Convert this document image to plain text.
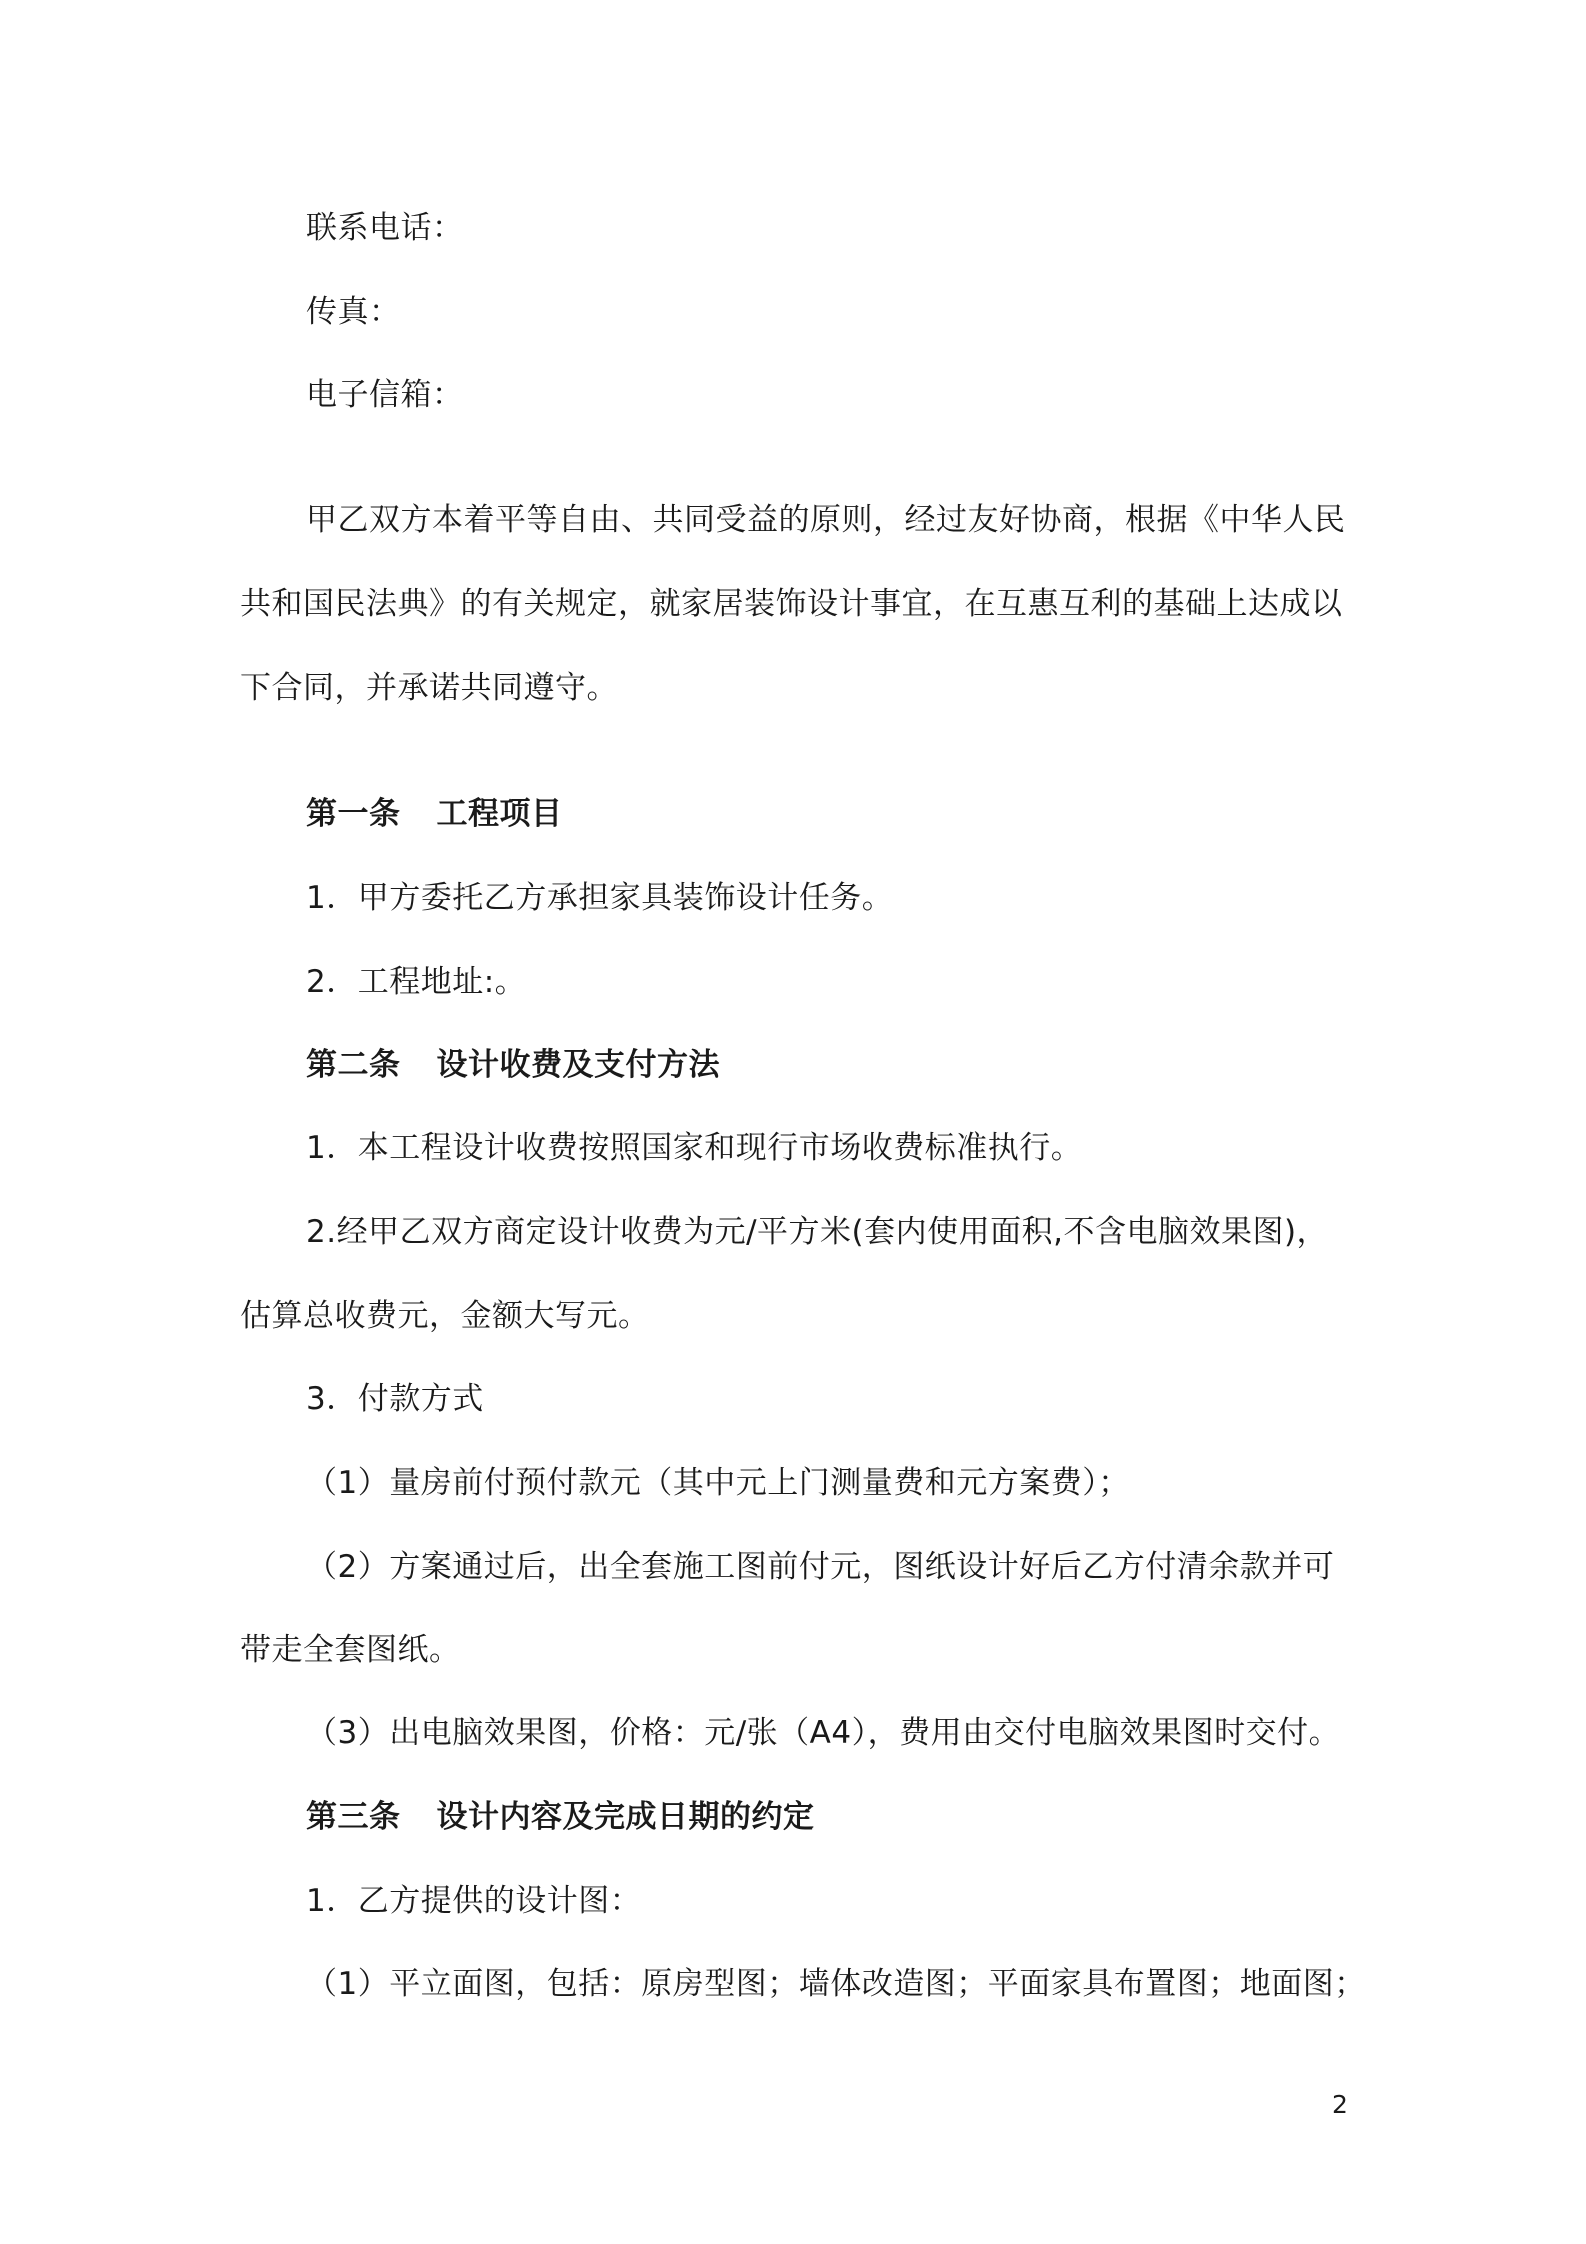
联系电话：
传真：
电子信箱：
甲乙双方本着平等自由、共同受益的原则，经过友好协商，根据《中华人民
共和国民法典》的有关规定，就家居装饰设计事宜，在互惠互利的基础上达成以
下合同，并承诺共同遵守。
第一条 工程项目
1．甲方委托乙方承担家具装饰设计任务。
2．工程地址:。
第二条 设计收费及支付方法
1．本工程设计收费按照国家和现行市场收费标准执行。
2.经甲乙双方商定设计收费为元/平方米(套内使用面积,不含电脑效果图)，
估算总收费元，金额大写元。
3．付款方式
（1）量房前付预付款元（其中元上门测量费和元方案费）；
（2）方案通过后，出全套施工图前付元，图纸设计好后乙方付清余款并可
带走全套图纸。
（3）出电脑效果图，价格：元/张（A4），费用由交付电脑效果图时交付。
第三条 设计内容及完成日期的约定
1．乙方提供的设计图：
（1）平立面图，包括：原房型图；墙体改造图；平面家具布置图；地面图；
2
